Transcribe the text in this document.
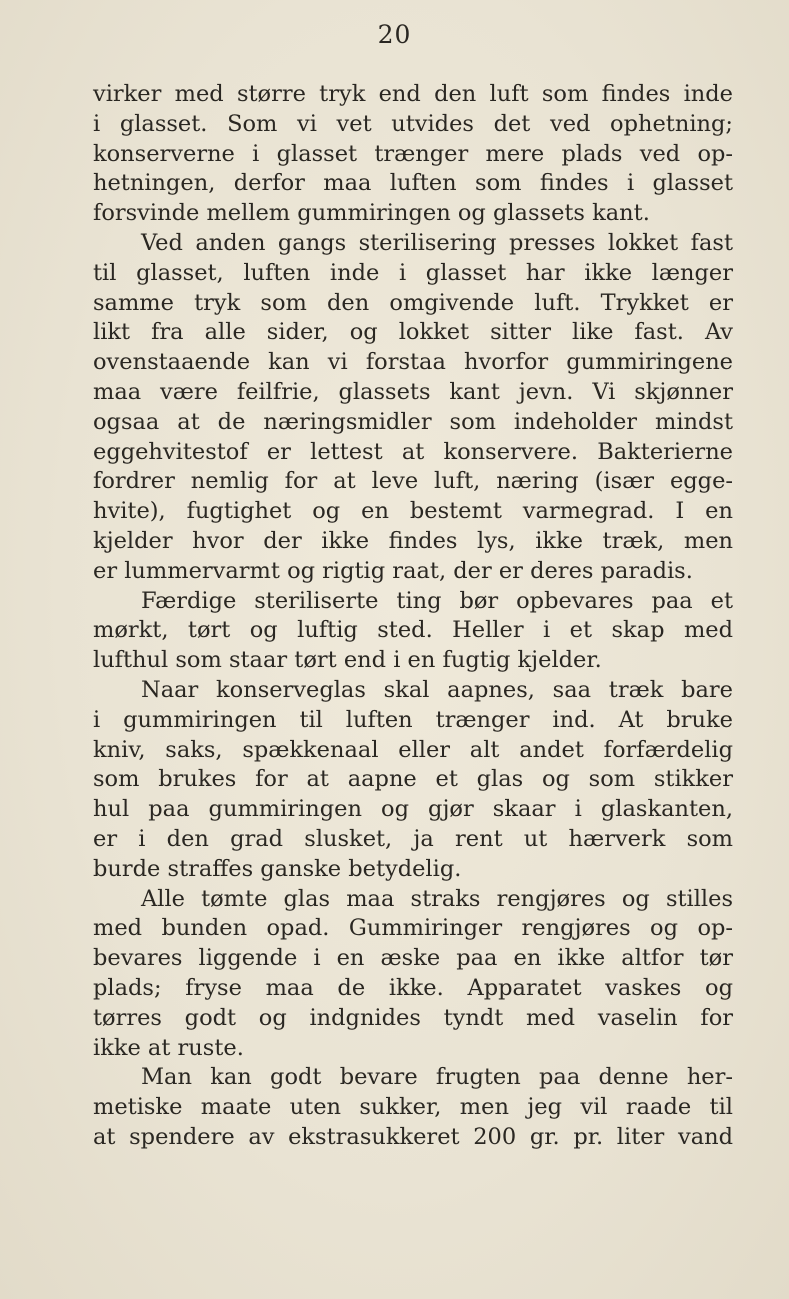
20
virker med større tryk end den luft som findes inde
i glasset. Som vi vet utvides det ved ophetning;
konserverne i glasset trænger mere plads ved op-
hetningen, derfor maa luften som findes i glasset
forsvinde mellem gummiringen og glassets kant.
Ved anden gangs sterilisering presses lokket fast
til glasset, luften inde i glasset har ikke længer
samme tryk som den omgivende luft. Trykket er
likt fra alle sider, og lokket sitter like fast. Av
ovenstaaende kan vi forstaa hvorfor gummiringene
maa være feilfrie, glassets kant jevn. Vi skjønner
ogsaa at de næringsmidler som indeholder mindst
eggehvitestof er lettest at konservere. Bakterierne
fordrer nemlig for at leve luft, næring (især egge-
hvite), fugtighet og en bestemt varmegrad. I en
kjelder hvor der ikke findes lys, ikke træk, men
er lummervarmt og rigtig raat, der er deres paradis.
Færdige steriliserte ting bør opbevares paa et
mørkt, tørt og luftig sted. Heller i et skap med
lufthul som staar tørt end i en fugtig kjelder.
Naar konserveglas skal aapnes, saa træk bare
i gummiringen til luften trænger ind. At bruke
kniv, saks, spækkenaal eller alt andet forfærdelig
som brukes for at aapne et glas og som stikker
hul paa gummiringen og gjør skaar i glaskanten,
er i den grad slusket, ja rent ut hærverk som
burde straffes ganske betydelig.
Alle tømte glas maa straks rengjøres og stilles
med bunden opad. Gummiringer rengjøres og op-
bevares liggende i en æske paa en ikke altfor tør
plads; fryse maa de ikke. Apparatet vaskes og
tørres godt og indgnides tyndt med vaselin for
ikke at ruste.
Man kan godt bevare frugten paa denne her-
metiske maate uten sukker, men jeg vil raade til
at spendere av ekstrasukkeret 200 gr. pr. liter vand
